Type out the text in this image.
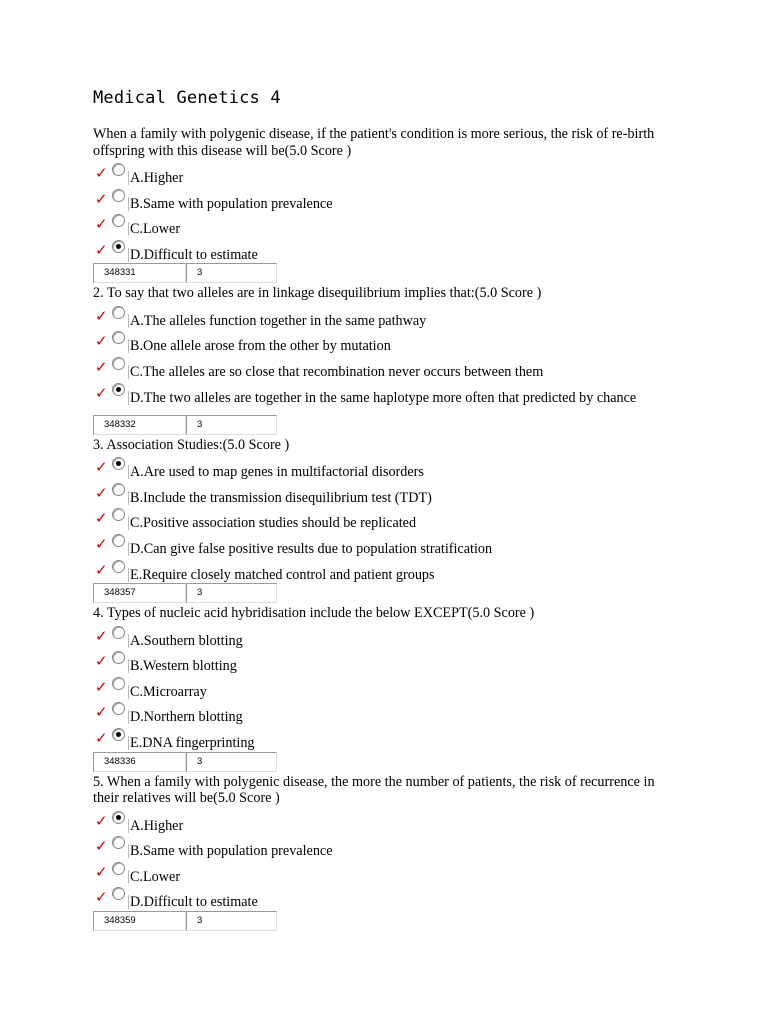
Medical Genetics 4

When a family with polygenic disease, if the patient's condition is more serious, the risk of re-birth offspring with this disease will be(5.0 Score )

✓ A.Higher
✓ B.Same with population prevalence
✓ C.Lower
✓ D.Difficult to estimate
348331	3

2. To say that two alleles are in linkage disequilibrium implies that:(5.0 Score )

✓ A.The alleles function together in the same pathway
✓ B.One allele arose from the other by mutation
✓ C.The alleles are so close that recombination never occurs between them
✓ D.The two alleles are together in the same haplotype more often that predicted by chance
348332	3

3. Association Studies:(5.0 Score )

✓ A.Are used to map genes in multifactorial disorders
✓ B.Include the transmission disequilibrium test (TDT)
✓ C.Positive association studies should be replicated
✓ D.Can give false positive results due to population stratification
✓ E.Require closely matched control and patient groups
348357	3

4. Types of nucleic acid hybridisation include the below EXCEPT(5.0 Score )

✓ A.Southern blotting
✓ B.Western blotting
✓ C.Microarray
✓ D.Northern blotting
✓ E.DNA fingerprinting
348336	3

5. When a family with polygenic disease, the more the number of patients, the risk of recurrence in their relatives will be(5.0 Score )

✓ A.Higher
✓ B.Same with population prevalence
✓ C.Lower
✓ D.Difficult to estimate
348359	3
